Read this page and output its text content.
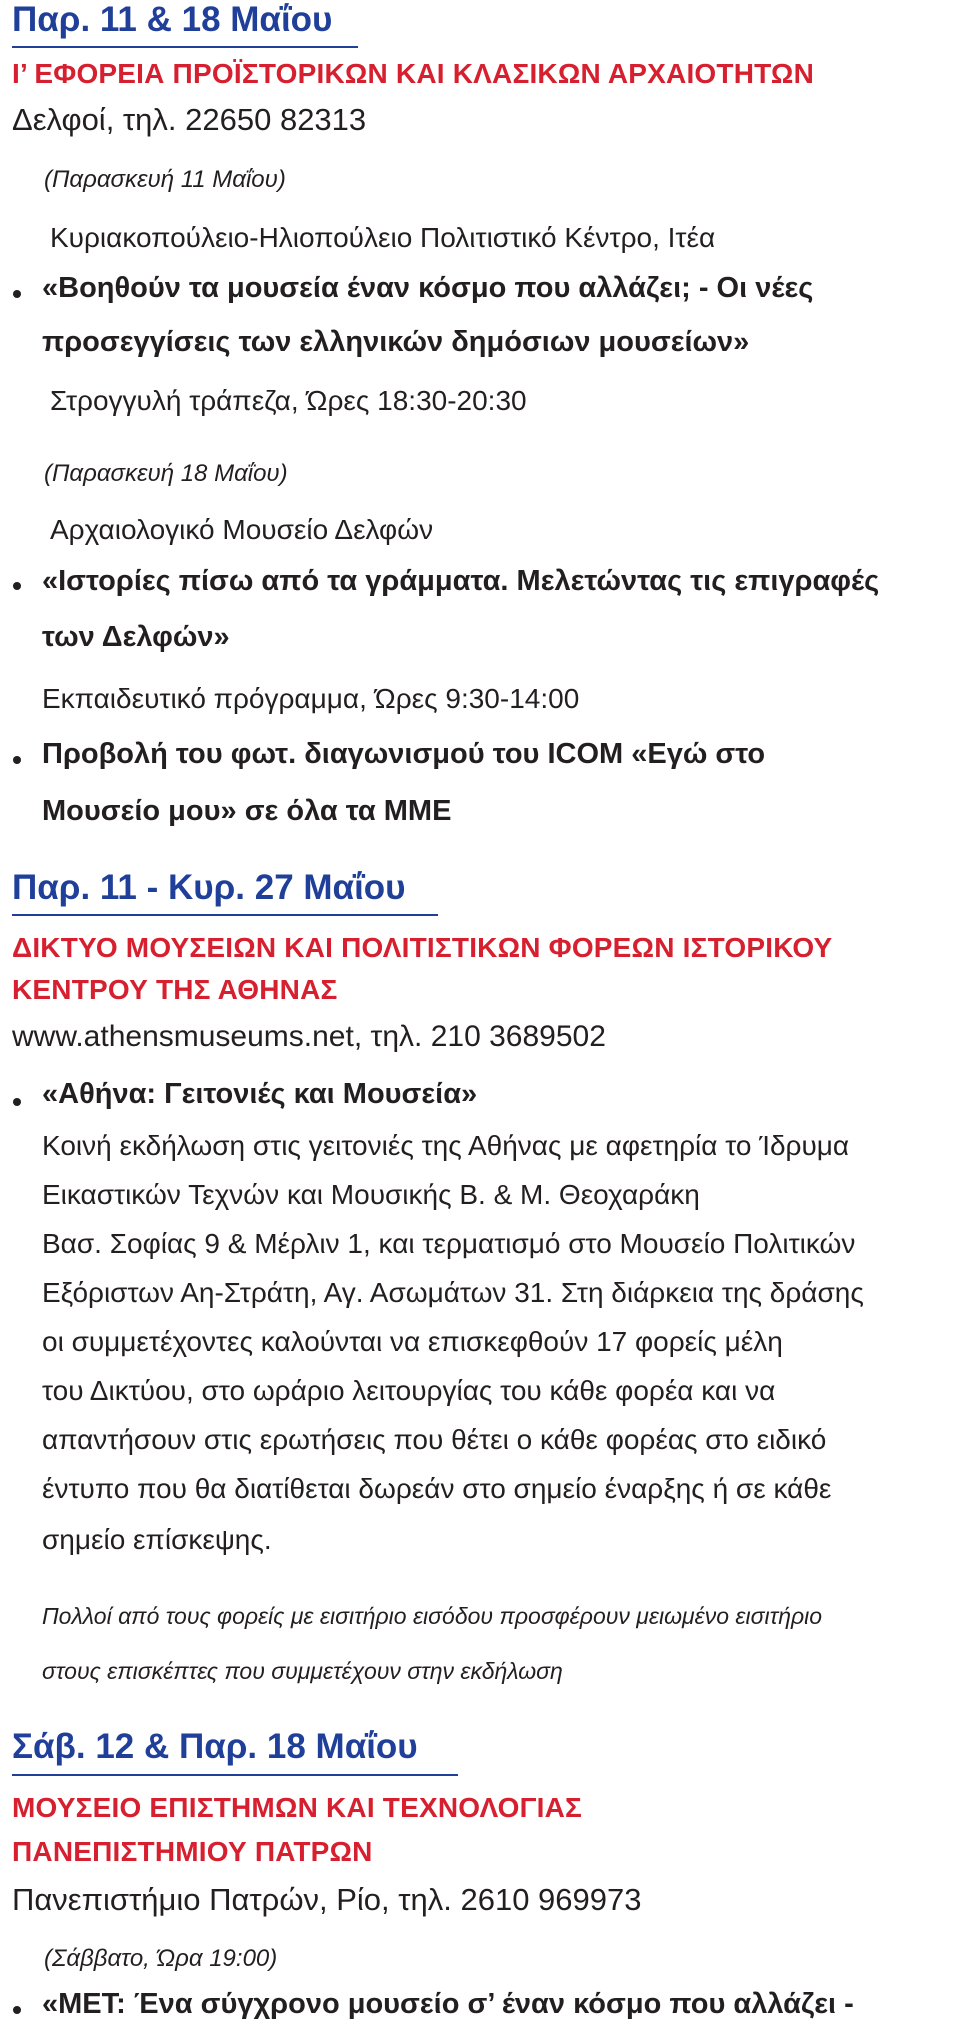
Παρ. 11 & 18 Μαΐου
Ι’ ΕΦΟΡΕΙΑ ΠΡΟΪΣΤΟΡΙΚΩΝ ΚΑΙ ΚΛΑΣΙΚΩΝ ΑΡΧΑΙΟΤΗΤΩΝ
Δελφοί, τηλ. 22650 82313
(Παρασκευή 11 Μαΐου)
Κυριακοπούλειο-Ηλιοπούλειο Πολιτιστικό Κέντρο, Ιτέα
«Βοηθούν τα μουσεία έναν κόσμο που αλλάζει; - Οι νέες
προσεγγίσεις των ελληνικών δημόσιων μουσείων»
Στρογγυλή τράπεζα, Ώρες 18:30-20:30
(Παρασκευή 18 Μαΐου)
Αρχαιολογικό Μουσείο Δελφών
«Ιστορίες πίσω από τα γράμματα. Μελετώντας τις επιγραφές
των Δελφών»
Εκπαιδευτικό πρόγραμμα, Ώρες 9:30-14:00
Προβολή του φωτ. διαγωνισμού του ICOM «Εγώ στο
Μουσείο μου» σε όλα τα ΜΜΕ
Παρ. 11 - Κυρ. 27 Μαΐου
ΔΙΚΤΥΟ ΜΟΥΣΕΙΩΝ ΚΑΙ ΠΟΛΙΤΙΣΤΙΚΩΝ ΦΟΡΕΩΝ ΙΣΤΟΡΙΚΟΥ
ΚΕΝΤΡΟΥ ΤΗΣ ΑΘΗΝΑΣ
www.athensmuseums.net, τηλ. 210 3689502
«Αθήνα: Γειτονιές και Μουσεία»
Κοινή εκδήλωση στις γειτονιές της Αθήνας με αφετηρία το Ίδρυμα
Εικαστικών Τεχνών και Μουσικής Β. & Μ. Θεοχαράκη
Βασ. Σοφίας 9 & Μέρλιν 1, και τερματισμό στο Μουσείο Πολιτικών
Εξόριστων Αη-Στράτη, Αγ. Ασωμάτων 31. Στη διάρκεια της δράσης
οι συμμετέχοντες καλούνται να επισκεφθούν 17 φορείς μέλη
του Δικτύου, στο ωράριο λειτουργίας του κάθε φορέα και να
απαντήσουν στις ερωτήσεις που θέτει ο κάθε φορέας στο ειδικό
έντυπο που θα διατίθεται δωρεάν στο σημείο έναρξης ή σε κάθε
σημείο επίσκεψης.
Πολλοί από τους φορείς με εισιτήριο εισόδου προσφέρουν μειωμένο εισιτήριο
στους επισκέπτες που συμμετέχουν στην εκδήλωση
Σάβ. 12 & Παρ. 18 Μαΐου
ΜΟΥΣΕΙΟ ΕΠΙΣΤΗΜΩΝ ΚΑΙ ΤΕΧΝΟΛΟΓΙΑΣ
ΠΑΝΕΠΙΣΤΗΜΙΟΥ ΠΑΤΡΩΝ
Πανεπιστήμιο Πατρών, Ρίο, τηλ. 2610 969973
(Σάββατο, Ώρα 19:00)
«ΜΕΤ: Ένα σύγχρονο μουσείο σ’ έναν κόσμο που αλλάζει -
